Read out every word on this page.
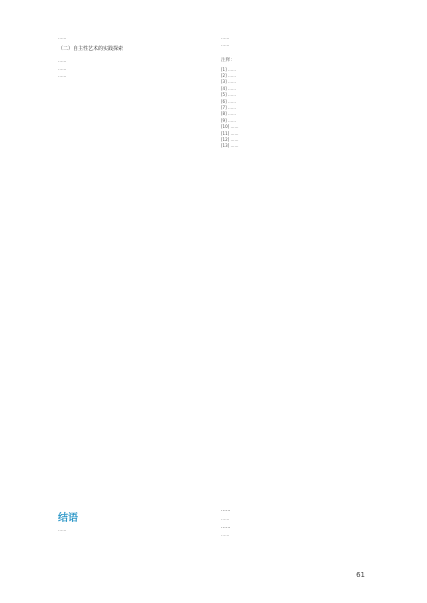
……

（二）自主性艺术的实践探索

……

……

……

……

……

注释：

[1] ……

[2] ……

[3] ……

[4] ……

[5] ……

[6] ……

[7] ……

[8] ……

[9] ……

[10] ……

[11] ……

[12] ……

[13] ……

结语

……

……
……
……
……
61
